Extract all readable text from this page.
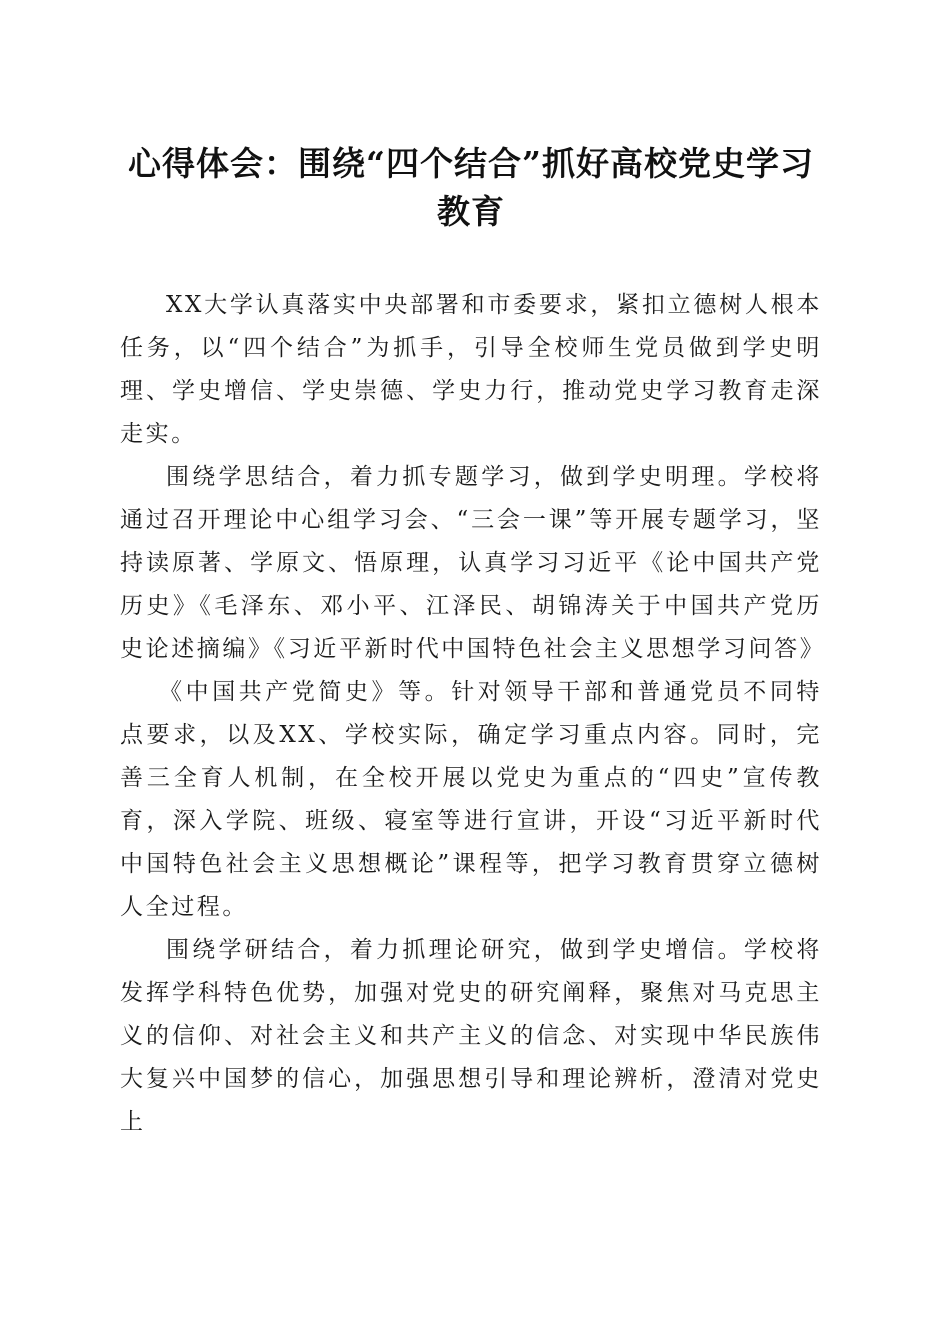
心得体会：围绕“四个结合”抓好高校党史学习教育

XX大学认真落实中央部署和市委要求，紧扣立德树人根本任务，以“四个结合”为抓手，引导全校师生党员做到学史明理、学史增信、学史崇德、学史力行，推动党史学习教育走深走实。

围绕学思结合，着力抓专题学习，做到学史明理。学校将通过召开理论中心组学习会、“三会一课”等开展专题学习，坚持读原著、学原文、悟原理，认真学习习近平《论中国共产党历史》《毛泽东、邓小平、江泽民、胡锦涛关于中国共产党历史论述摘编》《习近平新时代中国特色社会主义思想学习问答》

《中国共产党简史》等。针对领导干部和普通党员不同特点要求，以及XX、学校实际，确定学习重点内容。同时，完善三全育人机制，在全校开展以党史为重点的“四史”宣传教育，深入学院、班级、寝室等进行宣讲，开设“习近平新时代中国特色社会主义思想概论”课程等，把学习教育贯穿立德树人全过程。

围绕学研结合，着力抓理论研究，做到学史增信。学校将发挥学科特色优势，加强对党史的研究阐释，聚焦对马克思主义的信仰、对社会主义和共产主义的信念、对实现中华民族伟大复兴中国梦的信心，加强思想引导和理论辨析，澄清对党史上
